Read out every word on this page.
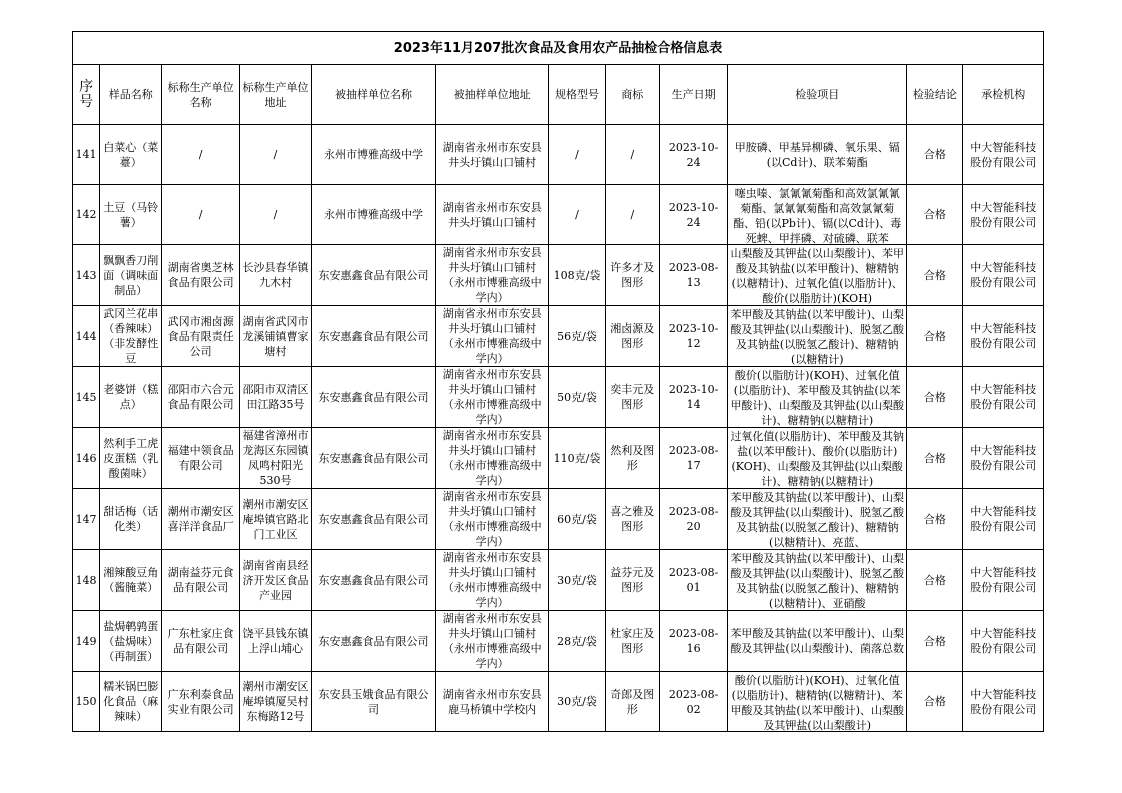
2023年11月207批次食品及食用农产品抽检合格信息表											
序号	样品名称	标称生产单位名称	标称生产单位地址	被抽样单位名称	被抽样单位地址	规格型号	商标	生产日期	检验项目	检验结论	承检机构
141	白菜心（菜薹）	/	/	永州市博雅高级中学	湖南省永州市东安县井头圩镇山口铺村	/	/	2023-10-24	甲胺磷、甲基异柳磷、氧乐果、镉(以Cd计)、联苯菊酯	合格	中大智能科技股份有限公司

142	土豆（马铃薯）	/	/	永州市博雅高级中学	湖南省永州市东安县井头圩镇山口铺村	/	/	2023-10-24	噻虫嗪、氯氰氰菊酯和高效氯氰氰菊酯、氯氰氰菊酯和高效氯氰菊酯、铅(以Pb计)、镉(以Cd计)、毒死蜱、甲拌磷、对硫磷、联苯	合格	中大智能科技股份有限公司

143	飘飘香刀削面（调味面制品）	湖南省奥芝林食品有限公司	长沙县春华镇九木村	东安惠鑫食品有限公司	湖南省永州市东安县井头圩镇山口铺村（永州市博雅高级中学内）	108克/袋	许多才及图形	2023-08-13	山梨酸及其钾盐(以山梨酸计)、苯甲酸及其钠盐(以苯甲酸计)、糖精钠(以糖精计)、过氧化值(以脂肪计)、酸价(以脂肪计)(KOH)	合格	中大智能科技股份有限公司

144	武冈兰花串（香辣味）（非发酵性豆	武冈市湘卤源食品有限责任公司	湖南省武冈市龙溪铺镇曹家塘村	东安惠鑫食品有限公司	湖南省永州市东安县井头圩镇山口铺村（永州市博雅高级中学内）	56克/袋	湘卤源及图形	2023-10-12	苯甲酸及其钠盐(以苯甲酸计)、山梨酸及其钾盐(以山梨酸计)、脱氢乙酸及其钠盐(以脱氢乙酸计)、糖精钠(以糖精计)	合格	中大智能科技股份有限公司

145	老婆饼（糕点）	邵阳市六合元食品有限公司	邵阳市双清区田江路35号	东安惠鑫食品有限公司	湖南省永州市东安县井头圩镇山口铺村（永州市博雅高级中学内）	50克/袋	奕丰元及图形	2023-10-14	酸价(以脂肪计)(KOH)、过氧化值(以脂肪计)、苯甲酸及其钠盐(以苯甲酸计)、山梨酸及其钾盐(以山梨酸计)、糖精钠(以糖精计)	合格	中大智能科技股份有限公司

146	然利手工虎皮蛋糕（乳酸菌味）	福建中领食品有限公司	福建省漳州市龙海区东园镇凤鸣村阳光530号	东安惠鑫食品有限公司	湖南省永州市东安县井头圩镇山口铺村（永州市博雅高级中学内）	110克/袋	然利及图形	2023-08-17	过氧化值(以脂肪计)、苯甲酸及其钠盐(以苯甲酸计)、酸价(以脂肪计)(KOH)、山梨酸及其钾盐(以山梨酸计)、糖精钠(以糖精计)	合格	中大智能科技股份有限公司

147	甜话梅（话化类）	潮州市潮安区喜洋洋食品厂	潮州市潮安区庵埠镇官路北门工业区	东安惠鑫食品有限公司	湖南省永州市东安县井头圩镇山口铺村（永州市博雅高级中学内）	60克/袋	喜之雅及图形	2023-08-20	苯甲酸及其钠盐(以苯甲酸计)、山梨酸及其钾盐(以山梨酸计)、脱氢乙酸及其钠盐(以脱氢乙酸计)、糖精钠(以糖精计)、亮蓝、	合格	中大智能科技股份有限公司

148	湘辣酸豆角（酱腌菜）	湖南益芬元食品有限公司	湖南省南县经济开发区食品产业园	东安惠鑫食品有限公司	湖南省永州市东安县井头圩镇山口铺村（永州市博雅高级中学内）	30克/袋	益芬元及图形	2023-08-01	苯甲酸及其钠盐(以苯甲酸计)、山梨酸及其钾盐(以山梨酸计)、脱氢乙酸及其钠盐(以脱氢乙酸计)、糖精钠(以糖精计)、亚硝酸	合格	中大智能科技股份有限公司

149	盐焗鹌鹑蛋（盐焗味）（再制蛋）	广东杜家庄食品有限公司	饶平县钱东镇上浮山埔心	东安惠鑫食品有限公司	湖南省永州市东安县井头圩镇山口铺村（永州市博雅高级中学内）	28克/袋	杜家庄及图形	2023-08-16	苯甲酸及其钠盐(以苯甲酸计)、山梨酸及其钾盐(以山梨酸计)、菌落总数	合格	中大智能科技股份有限公司

150	糯米锅巴膨化食品（麻辣味）	广东利泰食品实业有限公司	潮州市潮安区庵埠镇厦吴村东梅路12号	东安县玉娥食品有限公司	湖南省永州市东安县鹿马桥镇中学校内	30克/袋	奇郎及图形	2023-08-02	酸价(以脂肪计)(KOH)、过氧化值(以脂肪计)、糖精钠(以糖精计)、苯甲酸及其钠盐(以苯甲酸计)、山梨酸及其钾盐(以山梨酸计)	合格	中大智能科技股份有限公司
